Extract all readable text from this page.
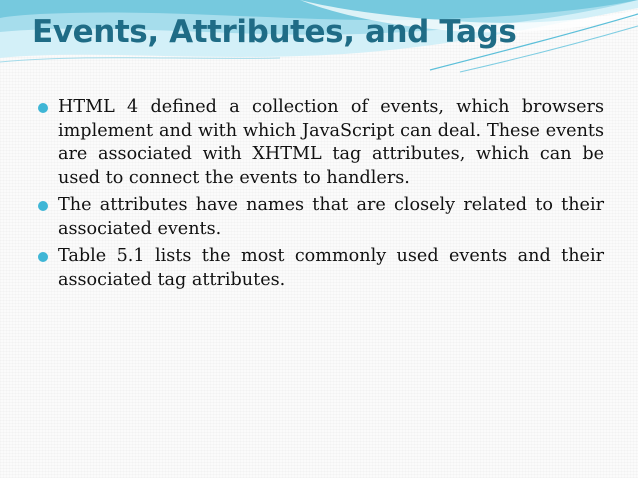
Events, Attributes, and Tags
HTML 4 defined a collection of events, which browsers implement and with which JavaScript can deal. These events are associated with XHTML tag attributes, which can be used to connect the events to handlers.
The attributes have names that are closely related to their associated events.
Table 5.1 lists the most commonly used events and their associated tag attributes.
